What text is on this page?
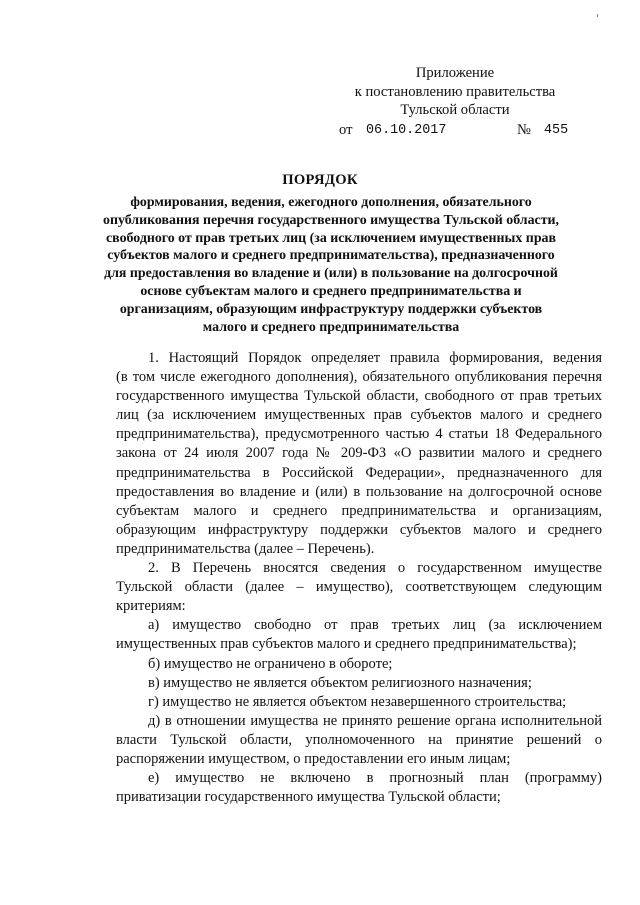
Приложение
к постановлению правительства
Тульской области
от 06.10.2017	№ 455
ПОРЯДОК
формирования, ведения, ежегодного дополнения, обязательного
опубликования перечня государственного имущества Тульской области,
свободного от прав третьих лиц (за исключением имущественных прав
субъектов малого и среднего предпринимательства), предназначенного
для предоставления во владение и (или) в пользование на долгосрочной
основе субъектам малого и среднего предпринимательства и
организациям, образующим инфраструктуру поддержки субъектов
малого и среднего предпринимательства
1. Настоящий Порядок определяет правила формирования, ведения
(в том числе ежегодного дополнения), обязательного опубликования перечня
государственного имущества Тульской области, свободного от прав третьих
лиц (за исключением имущественных прав субъектов малого и среднего
предпринимательства), предусмотренного частью 4 статьи 18 Федерального
закона от 24 июля 2007 года № 209-ФЗ «О развитии малого и среднего
предпринимательства в Российской Федерации», предназначенного для
предоставления во владение и (или) в пользование на долгосрочной основе
субъектам малого и среднего предпринимательства и организациям,
образующим инфраструктуру поддержки субъектов малого и среднего
предпринимательства (далее – Перечень).
2. В Перечень вносятся сведения о государственном имуществе
Тульской области (далее – имущество), соответствующем следующим
критериям:
а) имущество свободно от прав третьих лиц (за исключением
имущественных прав субъектов малого и среднего предпринимательства);
б) имущество не ограничено в обороте;
в) имущество не является объектом религиозного назначения;
г) имущество не является объектом незавершенного строительства;
д) в отношении имущества не принято решение органа исполнительной
власти Тульской области, уполномоченного на принятие решений о
распоряжении имуществом, о предоставлении его иным лицам;
е) имущество не включено в прогнозный план (программу)
приватизации государственного имущества Тульской области;
